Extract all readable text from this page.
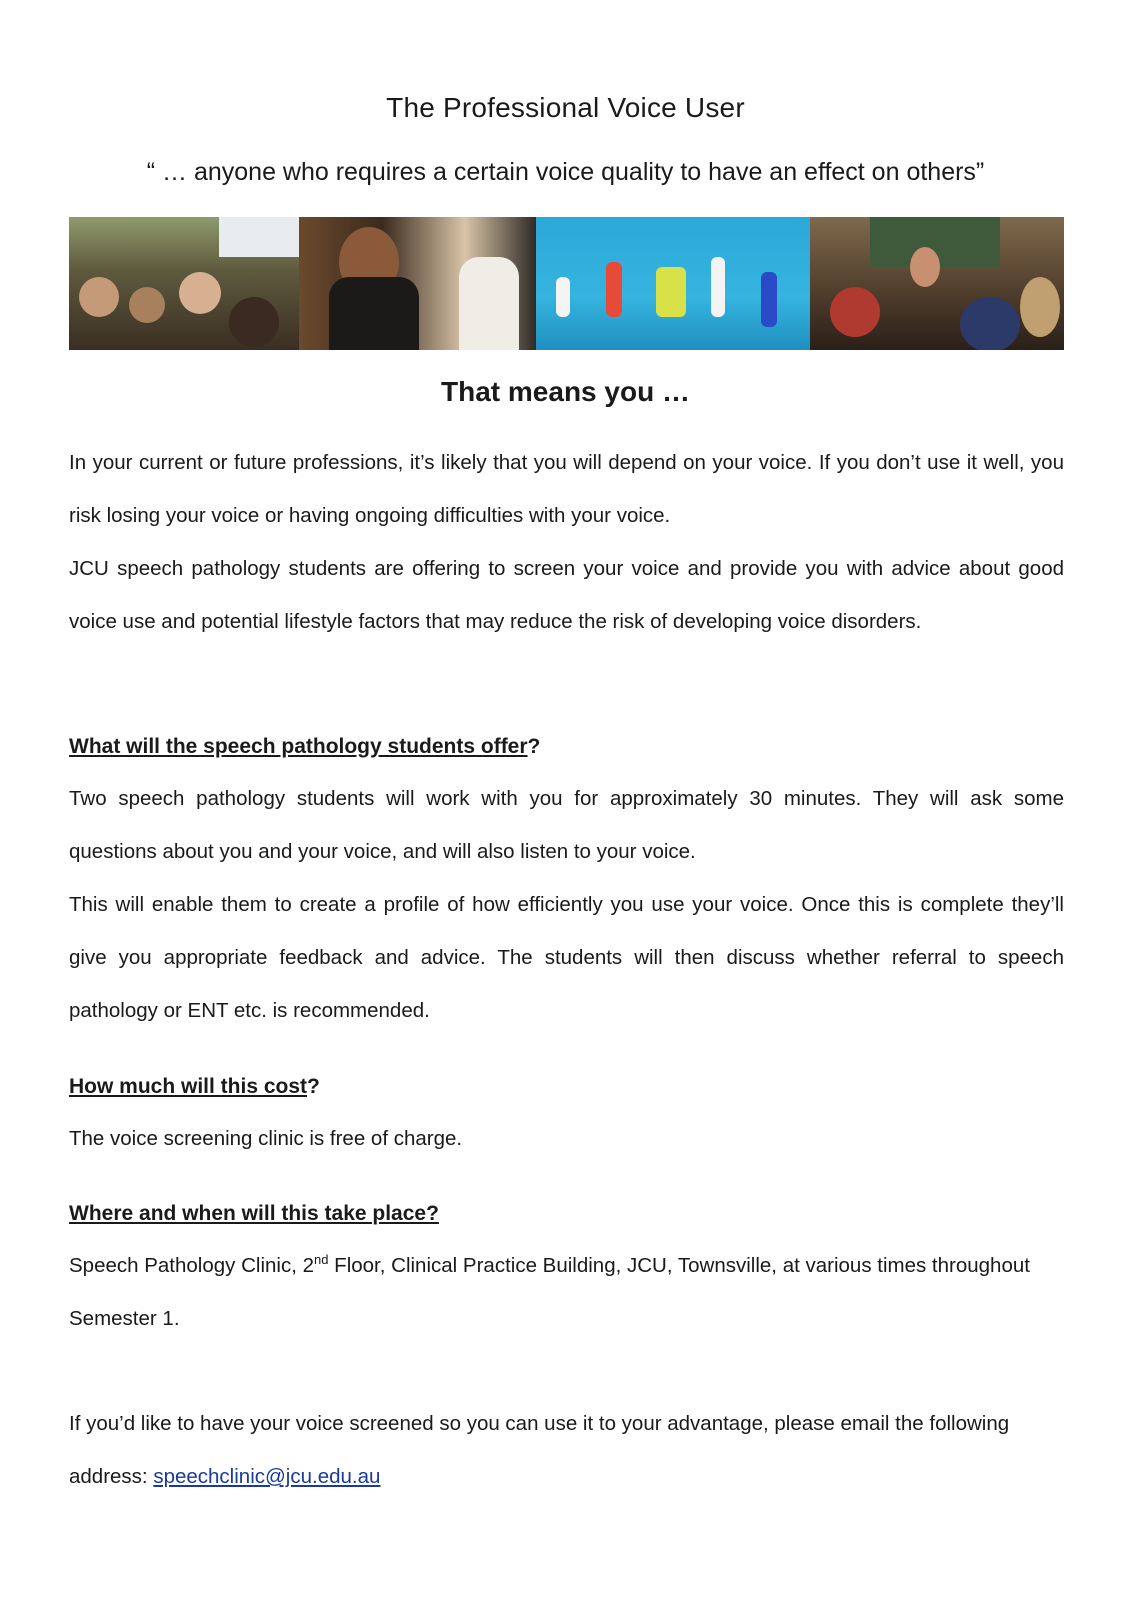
The Professional Voice User

“ … anyone who requires a certain voice quality to have an effect on others”

That means you …

In your current or future professions, it’s likely that you will depend on your voice. If you don’t use it well, you risk losing your voice or having ongoing difficulties with your voice.

JCU speech pathology students are offering to screen your voice and provide you with advice about good voice use and potential lifestyle factors that may reduce the risk of developing voice disorders.

What will the speech pathology students offer?

Two speech pathology students will work with you for approximately 30 minutes. They will ask some questions about you and your voice, and will also listen to your voice.

This will enable them to create a profile of how efficiently you use your voice. Once this is complete they’ll give you appropriate feedback and advice. The students will then discuss whether referral to speech pathology or ENT etc. is recommended.

How much will this cost?

The voice screening clinic is free of charge.

Where and when will this take place?

Speech Pathology Clinic, 2nd Floor, Clinical Practice Building, JCU, Townsville, at various times throughout Semester 1.

If you’d like to have your voice screened so you can use it to your advantage, please email the following address: speechclinic@jcu.edu.au
